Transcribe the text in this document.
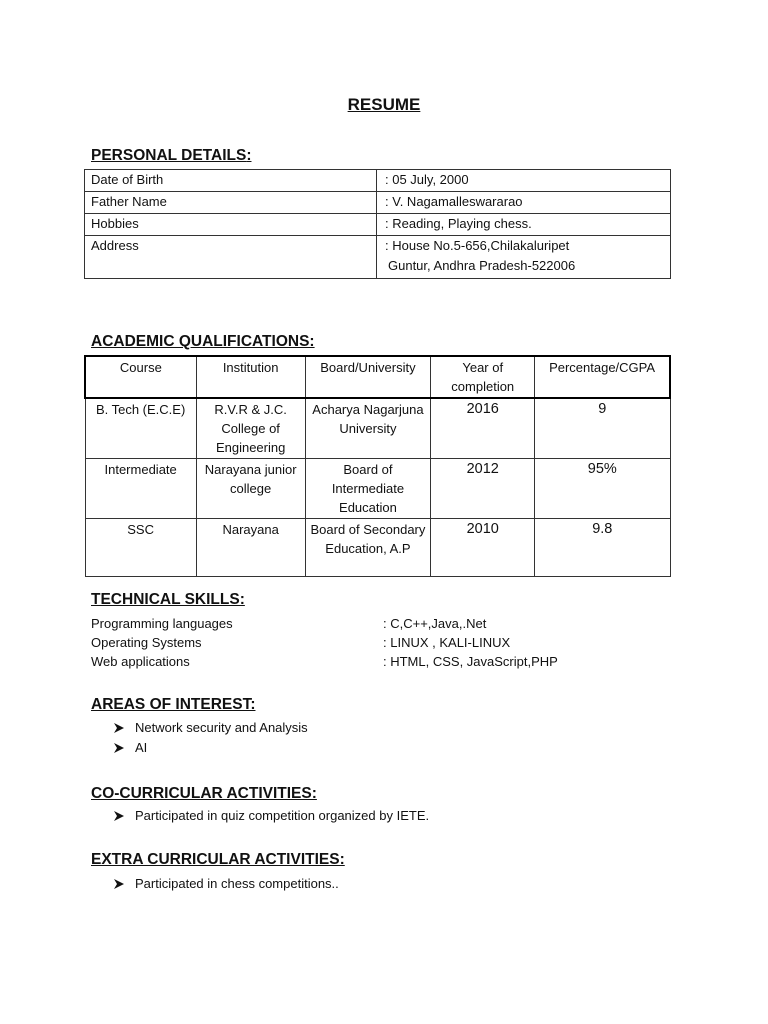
RESUME
PERSONAL DETAILS:
Date of Birth	: 05 July, 2000
Father Name	: V. Nagamalleswararao
Hobbies	: Reading, Playing chess.
Address	: House No.5-656,Chilakaluripet
Guntur, Andhra Pradesh-522006
ACADEMIC QUALIFICATIONS:
Course	Institution	Board/University	Year of completion	Percentage/CGPA
B. Tech (E.C.E)	R.V.R & J.C. College of Engineering	Acharya Nagarjuna University	2016	9
Intermediate	Narayana junior college	Board of Intermediate Education	2012	95%
SSC	Narayana	Board of Secondary Education, A.P	2010	9.8
TECHNICAL SKILLS:
Programming languages	: C,C++,Java,.Net
Operating Systems	: LINUX , KALI-LINUX
Web applications	: HTML, CSS, JavaScript,PHP
AREAS OF INTEREST:
Network security and Analysis
AI
CO-CURRICULAR ACTIVITIES:
Participated in quiz competition organized by IETE.
EXTRA CURRICULAR ACTIVITIES:
Participated in chess competitions..
